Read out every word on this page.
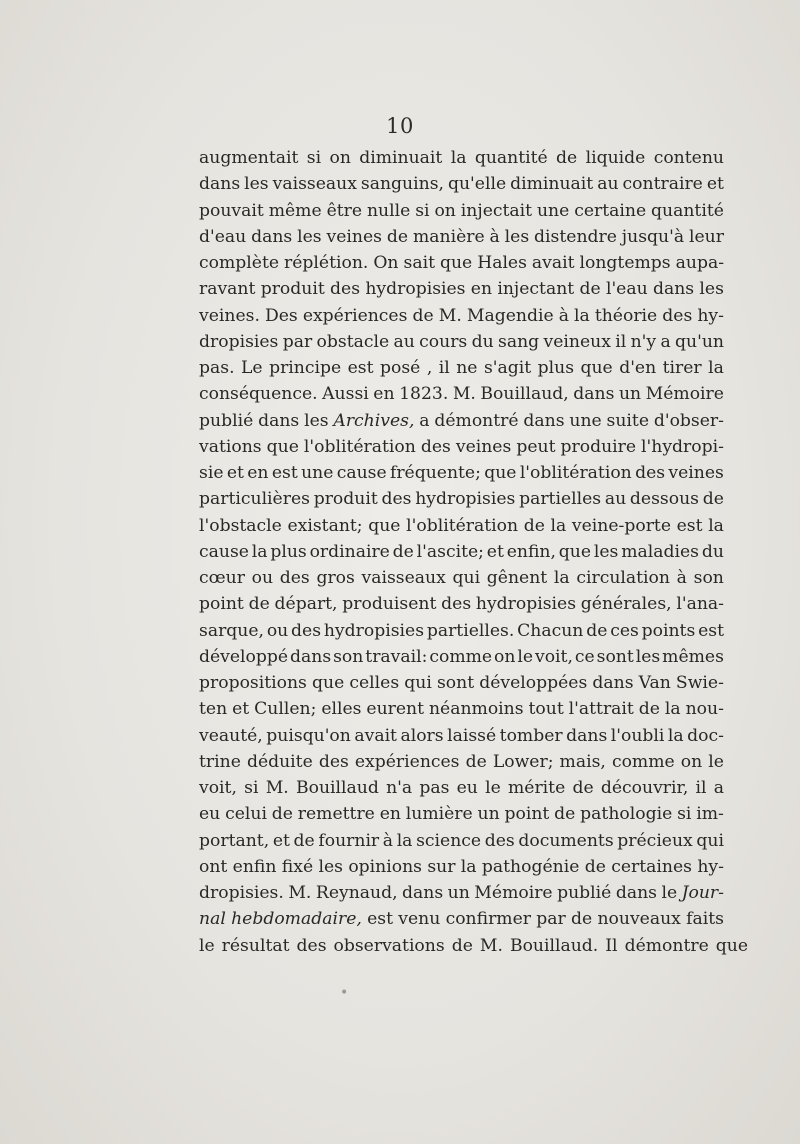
10
augmentait si on diminuait la quantité de liquide contenu
dans les vaisseaux sanguins, qu'elle diminuait au contraire et
pouvait même être nulle si on injectait une certaine quantité
d'eau dans les veines de manière à les distendre jusqu'à leur
complète réplétion. On sait que Hales avait longtemps aupa-
ravant produit des hydropisies en injectant de l'eau dans les
veines. Des expériences de M. Magendie à la théorie des hy-
dropisies par obstacle au cours du sang veineux il n'y a qu'un
pas. Le principe est posé , il ne s'agit plus que d'en tirer la
conséquence. Aussi en 1823. M. Bouillaud, dans un Mémoire
publié dans les Archives, a démontré dans une suite d'obser-
vations que l'oblitération des veines peut produire l'hydropi-
sie et en est une cause fréquente; que l'oblitération des veines
particulières produit des hydropisies partielles au dessous de
l'obstacle existant; que l'oblitération de la veine-porte est la
cause la plus ordinaire de l'ascite; et enfin, que les maladies du
cœur ou des gros vaisseaux qui gênent la circulation à son
point de départ, produisent des hydropisies générales, l'ana-
sarque, ou des hydropisies partielles. Chacun de ces points est
développé dans son travail: comme on le voit, ce sont les mêmes
propositions que celles qui sont développées dans Van Swie-
ten et Cullen; elles eurent néanmoins tout l'attrait de la nou-
veauté, puisqu'on avait alors laissé tomber dans l'oubli la doc-
trine déduite des expériences de Lower; mais, comme on le
voit, si M. Bouillaud n'a pas eu le mérite de découvrir, il a
eu celui de remettre en lumière un point de pathologie si im-
portant, et de fournir à la science des documents précieux qui
ont enfin fixé les opinions sur la pathogénie de certaines hy-
dropisies. M. Reynaud, dans un Mémoire publié dans le Jour-
nal hebdomadaire, est venu confirmer par de nouveaux faits
le résultat des observations de M. Bouillaud. Il démontre que
•
